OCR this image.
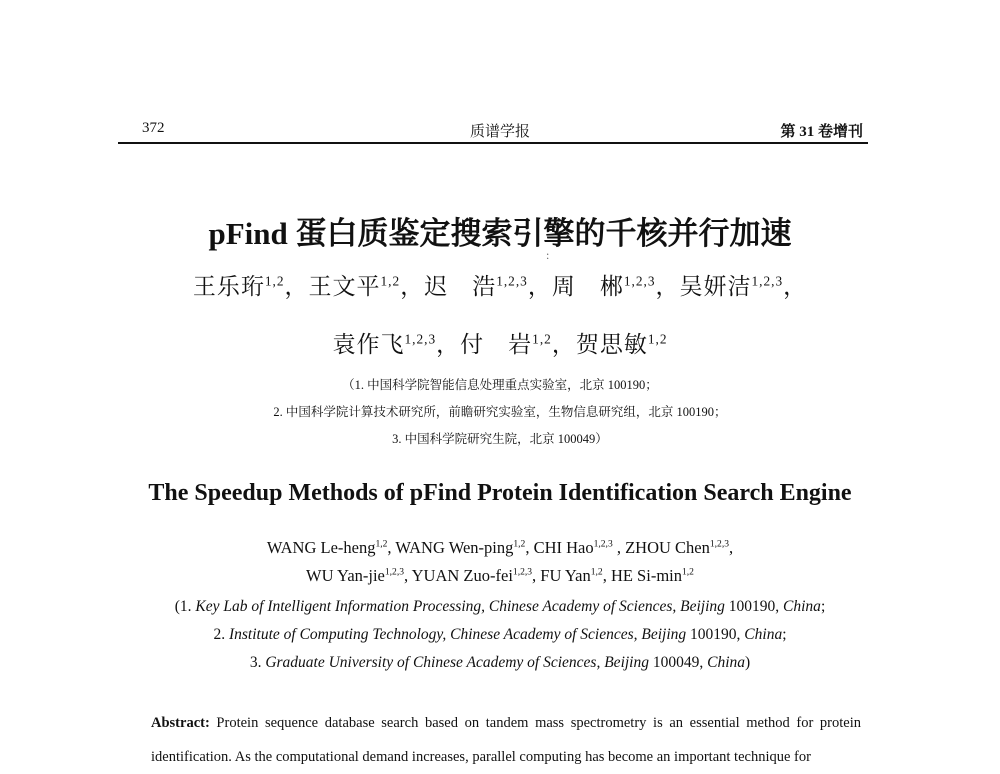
372	质谱学报	第 31 卷增刊
pFind 蛋白质鉴定搜索引擎的千核并行加速
:
王乐珩$^{1,2}$，王文平$^{1,2}$，迟　浩$^{1,2,3}$，周　郴$^{1,2,3}$，吴妍洁$^{1,2,3}$，
袁作飞$^{1,2,3}$，付　岩$^{1,2}$，贺思敏$^{1,2}$
（1. 中国科学院智能信息处理重点实验室，北京 100190；
2. 中国科学院计算技术研究所，前瞻研究实验室，生物信息研究组，北京 100190；
3. 中国科学院研究生院，北京 100049）
The Speedup Methods of pFind Protein Identification Search Engine
WANG Le-heng$^{1,2}$, WANG Wen-ping$^{1,2}$, CHI Hao$^{1,2,3}$ , ZHOU Chen$^{1,2,3}$,
WU Yan-jie$^{1,2,3}$, YUAN Zuo-fei$^{1,2,3}$, FU Yan$^{1,2}$, HE $Si-\min^{1,2}$
(1. Key Lab of Intelligent Information Processing, Chinese Academy of Sciences, Beijing 100190, China;
2. Institute of Computing Technology, Chinese Academy of Sciences, Beijing 100190, China;
3. Graduate University of Chinese Academy of Sciences, Beijing 100049, China)
Abstract: Protein sequence database search based on tandem mass spectrometry is an essential method for protein identification. As the computational demand increases, parallel computing has become an important technique for
